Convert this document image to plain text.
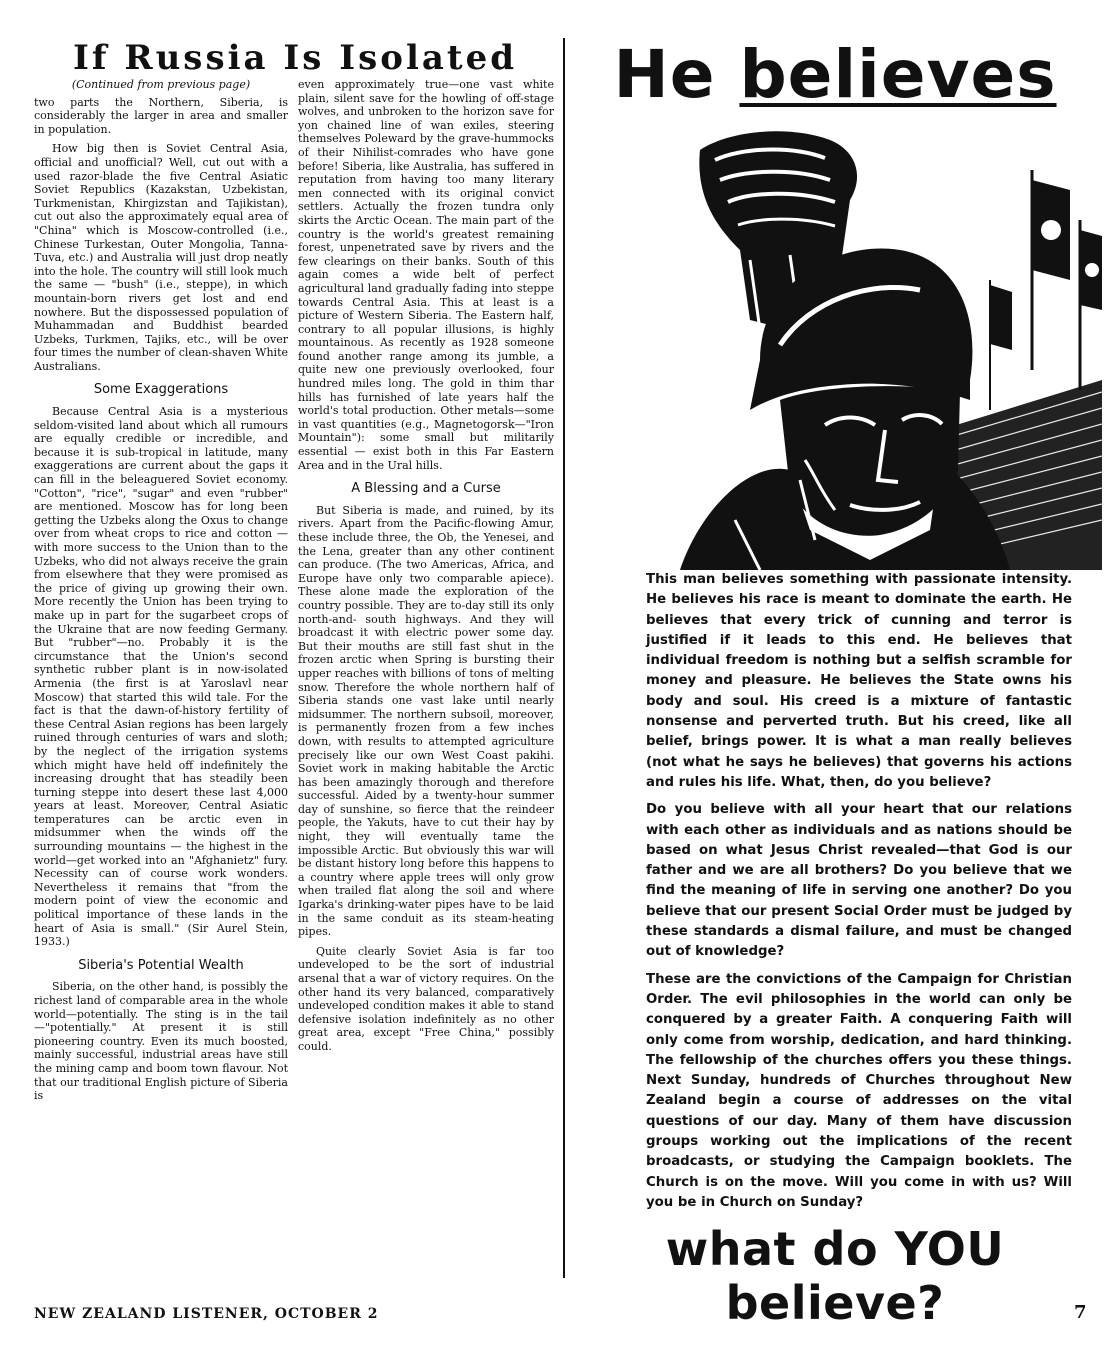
If Russia Is Isolated

(Continued from previous page)

two parts the Northern, Siberia, is considerably the larger in area and smaller in population.

How big then is Soviet Central Asia, official and unofficial? Well, cut out with a used razor-blade the five Central Asiatic Soviet Republics (Kazakstan, Uzbekistan, Turkmenistan, Khirgizstan and Tajikistan), cut out also the approximately equal area of "China" which is Moscow-controlled (i.e., Chinese Turkestan, Outer Mongolia, Tanna-Tuva, etc.) and Australia will just drop neatly into the hole. The country will still look much the same — "bush" (i.e., steppe), in which mountain-born rivers get lost and end nowhere. But the dispossessed population of Muhammadan and Buddhist bearded Uzbeks, Turkmen, Tajiks, etc., will be over four times the number of clean-shaven White Australians.

Some Exaggerations

Because Central Asia is a mysterious seldom-visited land about which all rumours are equally credible or incredible, and because it is sub-tropical in latitude, many exaggerations are current about the gaps it can fill in the beleaguered Soviet economy. "Cotton", "rice", "sugar" and even "rubber" are mentioned. Moscow has for long been getting the Uzbeks along the Oxus to change over from wheat crops to rice and cotton — with more success to the Union than to the Uzbeks, who did not always receive the grain from elsewhere that they were promised as the price of giving up growing their own. More recently the Union has been trying to make up in part for the sugarbeet crops of the Ukraine that are now feeding Germany. But "rubber"—no. Probably it is the circumstance that the Union's second synthetic rubber plant is in now-isolated Armenia (the first is at Yaroslavl near Moscow) that started this wild tale. For the fact is that the dawn-of-history fertility of these Central Asian regions has been largely ruined through centuries of wars and sloth; by the neglect of the irrigation systems which might have held off indefinitely the increasing drought that has steadily been turning steppe into desert these last 4,000 years at least. Moreover, Central Asiatic temperatures can be arctic even in midsummer when the winds off the surrounding mountains — the highest in the world—get worked into an "Afghanietz" fury. Necessity can of course work wonders. Nevertheless it remains that "from the modern point of view the economic and political importance of these lands in the heart of Asia is small." (Sir Aurel Stein, 1933.)

Siberia's Potential Wealth

Siberia, on the other hand, is possibly the richest land of comparable area in the whole world—potentially. The sting is in the tail—"potentially." At present it is still pioneering country. Even its much boosted, mainly successful, industrial areas have still the mining camp and boom town flavour. Not that our traditional English picture of Siberia is

even approximately true—one vast white plain, silent save for the howling of off-stage wolves, and unbroken to the horizon save for yon chained line of wan exiles, steering themselves Poleward by the grave-hummocks of their Nihilist-comrades who have gone before! Siberia, like Australia, has suffered in reputation from having too many literary men connected with its original convict settlers. Actually the frozen tundra only skirts the Arctic Ocean. The main part of the country is the world's greatest remaining forest, unpenetrated save by rivers and the few clearings on their banks. South of this again comes a wide belt of perfect agricultural land gradually fading into steppe towards Central Asia. This at least is a picture of Western Siberia. The Eastern half, contrary to all popular illusions, is highly mountainous. As recently as 1928 someone found another range among its jumble, a quite new one previously overlooked, four hundred miles long. The gold in thim thar hills has furnished of late years half the world's total production. Other metals—some in vast quantities (e.g., Magnetogorsk—"Iron Mountain"): some small but militarily essential — exist both in this Far Eastern Area and in the Ural hills.

A Blessing and a Curse

But Siberia is made, and ruined, by its rivers. Apart from the Pacific-flowing Amur, these include three, the Ob, the Yenesei, and the Lena, greater than any other continent can produce. (The two Americas, Africa, and Europe have only two comparable apiece). These alone made the exploration of the country possible. They are to-day still its only north-and- south highways. And they will broadcast it with electric power some day. But their mouths are still fast shut in the frozen arctic when Spring is bursting their upper reaches with billions of tons of melting snow. Therefore the whole northern half of Siberia stands one vast lake until nearly midsummer. The northern subsoil, moreover, is permanently frozen from a few inches down, with results to attempted agriculture precisely like our own West Coast pakihi. Soviet work in making habitable the Arctic has been amazingly thorough and therefore successful. Aided by a twenty-hour summer day of sunshine, so fierce that the reindeer people, the Yakuts, have to cut their hay by night, they will eventually tame the impossible Arctic. But obviously this war will be distant history long before this happens to a country where apple trees will only grow when trailed flat along the soil and where Igarka's drinking-water pipes have to be laid in the same conduit as its steam-heating pipes.

Quite clearly Soviet Asia is far too undeveloped to be the sort of industrial arsenal that a war of victory requires. On the other hand its very balanced, comparatively undeveloped condition makes it able to stand defensive isolation indefinitely as no other great area, except "Free China," possibly could.

He believes

This man believes something with passionate intensity. He believes his race is meant to dominate the earth. He believes that every trick of cunning and terror is justified if it leads to this end. He believes that individual freedom is nothing but a selfish scramble for money and pleasure. He believes the State owns his body and soul. His creed is a mixture of fantastic nonsense and perverted truth. But his creed, like all belief, brings power. It is what a man really believes (not what he says he believes) that governs his actions and rules his life. What, then, do you believe?

Do you believe with all your heart that our relations with each other as individuals and as nations should be based on what Jesus Christ revealed—that God is our father and we are all brothers? Do you believe that we find the meaning of life in serving one another? Do you believe that our present Social Order must be judged by these standards a dismal failure, and must be changed out of knowledge?

These are the convictions of the Campaign for Christian Order. The evil philosophies in the world can only be conquered by a greater Faith. A conquering Faith will only come from worship, dedication, and hard thinking. The fellowship of the churches offers you these things. Next Sunday, hundreds of Churches throughout New Zealand begin a course of addresses on the vital questions of our day. Many of them have discussion groups working out the implications of the recent broadcasts, or studying the Campaign booklets. The Church is on the move. Will you come in with us? Will you be in Church on Sunday?

what do YOU believe?
NEW ZEALAND LISTENER, OCTOBER 2	7
